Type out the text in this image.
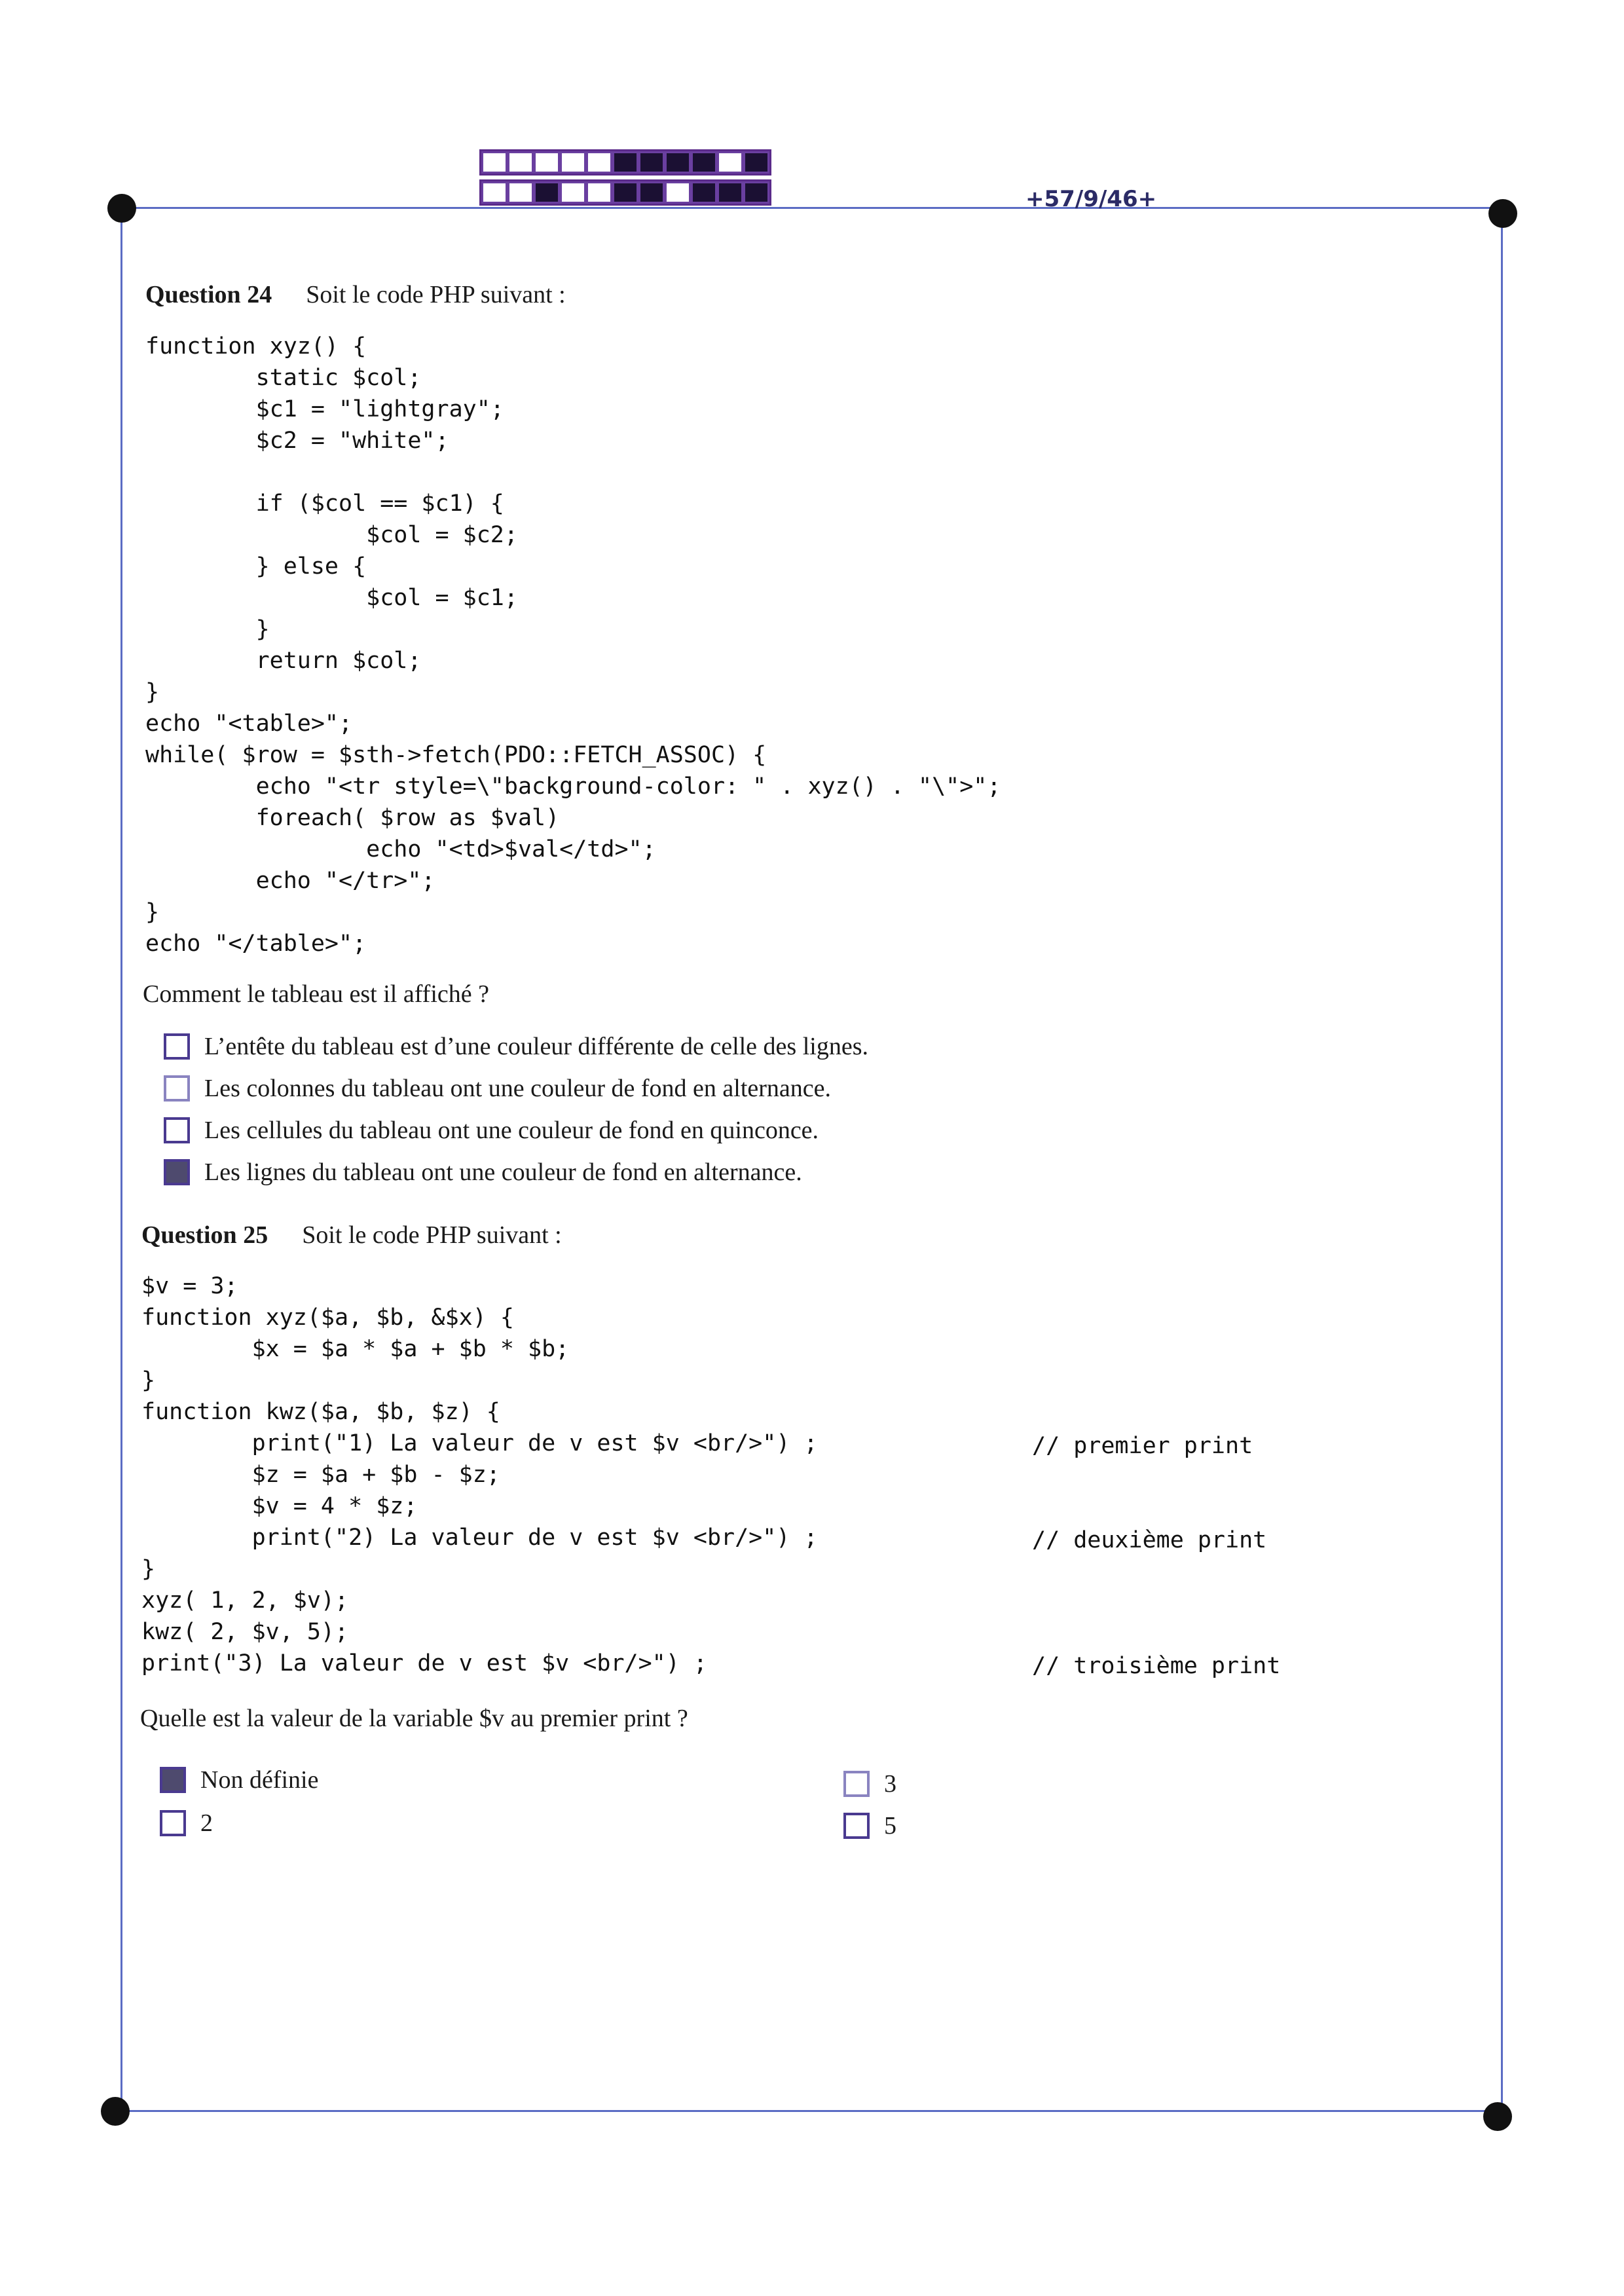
+57/9/46+
Question 24 Soit le code PHP suivant :
function xyz() {
static $col;
$c1 = "lightgray";
$c2 = "white";

if ($col == $c1) {
$col = $c2;
} else {
$col = $c1;
}
return $col;
}
echo "<table>";
while( $row = $sth->fetch(PDO::FETCH_ASSOC) {
echo "<tr style=\"background-color: " . xyz() . "\">";
foreach( $row as $val)
echo "<td>$val</td>";
echo "</tr>";
}
echo "</table>";
Comment le tableau est il affiché ?
L’entête du tableau est d’une couleur différente de celle des lignes.
Les colonnes du tableau ont une couleur de fond en alternance.
Les cellules du tableau ont une couleur de fond en quinconce.
Les lignes du tableau ont une couleur de fond en alternance.
Question 25 Soit le code PHP suivant :
$v = 3;
function xyz($a, $b, &$x) {
$x = $a * $a + $b * $b;
}
function kwz($a, $b, $z) {
print("1) La valeur de v est $v <br/>") ;
$z = $a + $b - $z;
$v = 4 * $z;
print("2) La valeur de v est $v <br/>") ;
}
xyz( 1, 2, $v);
kwz( 2, $v, 5);
print("3) La valeur de v est $v <br/>") ;
// premier print
// deuxième print
// troisième print
Quelle est la valeur de la variable $v au premier print ?
Non définie
2
3
5
